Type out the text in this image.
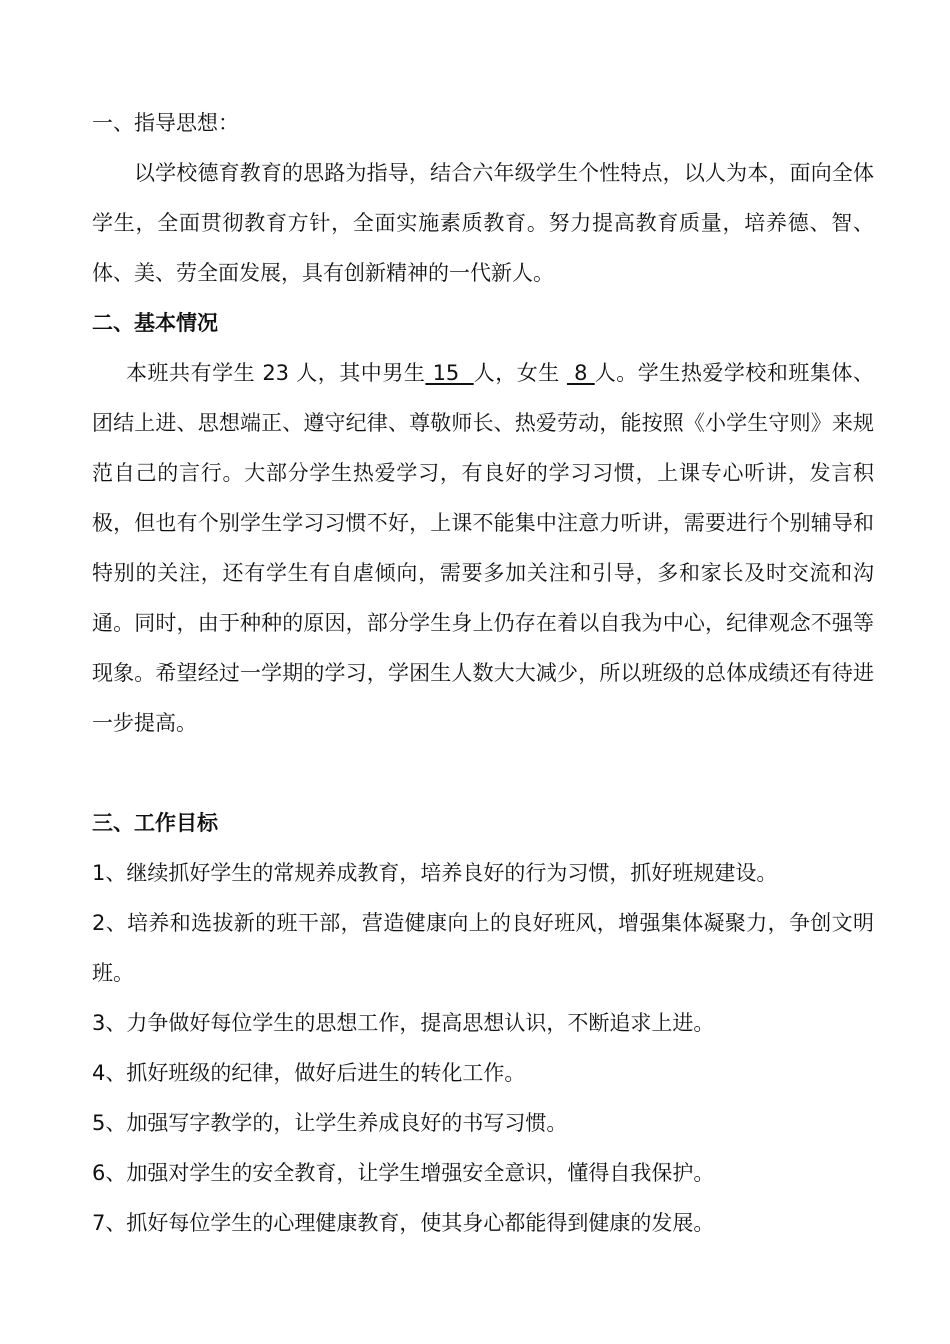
一、指导思想：

以学校德育教育的思路为指导，结合六年级学生个性特点，以人为本，面向全体学生，全面贯彻教育方针，全面实施素质教育。努力提高教育质量，培养德、智、体、美、劳全面发展，具有创新精神的一代新人。

二、基本情况

本班共有学生 23 人，其中男生 15  人，女生  8 人。学生热爱学校和班集体、团结上进、思想端正、遵守纪律、尊敬师长、热爱劳动，能按照《小学生守则》来规范自己的言行。大部分学生热爱学习，有良好的学习习惯，上课专心听讲，发言积极，但也有个别学生学习习惯不好，上课不能集中注意力听讲，需要进行个别辅导和特别的关注，还有学生有自虐倾向，需要多加关注和引导，多和家长及时交流和沟通。同时，由于种种的原因，部分学生身上仍存在着以自我为中心，纪律观念不强等现象。希望经过一学期的学习，学困生人数大大减少，所以班级的总体成绩还有待进一步提高。

三、工作目标

1、继续抓好学生的常规养成教育，培养良好的行为习惯，抓好班规建设。

2、培养和选拔新的班干部，营造健康向上的良好班风，增强集体凝聚力，争创文明班。

3、力争做好每位学生的思想工作，提高思想认识，不断追求上进。

4、抓好班级的纪律，做好后进生的转化工作。

5、加强写字教学的，让学生养成良好的书写习惯。

6、加强对学生的安全教育，让学生增强安全意识，懂得自我保护。

7、抓好每位学生的心理健康教育，使其身心都能得到健康的发展。
